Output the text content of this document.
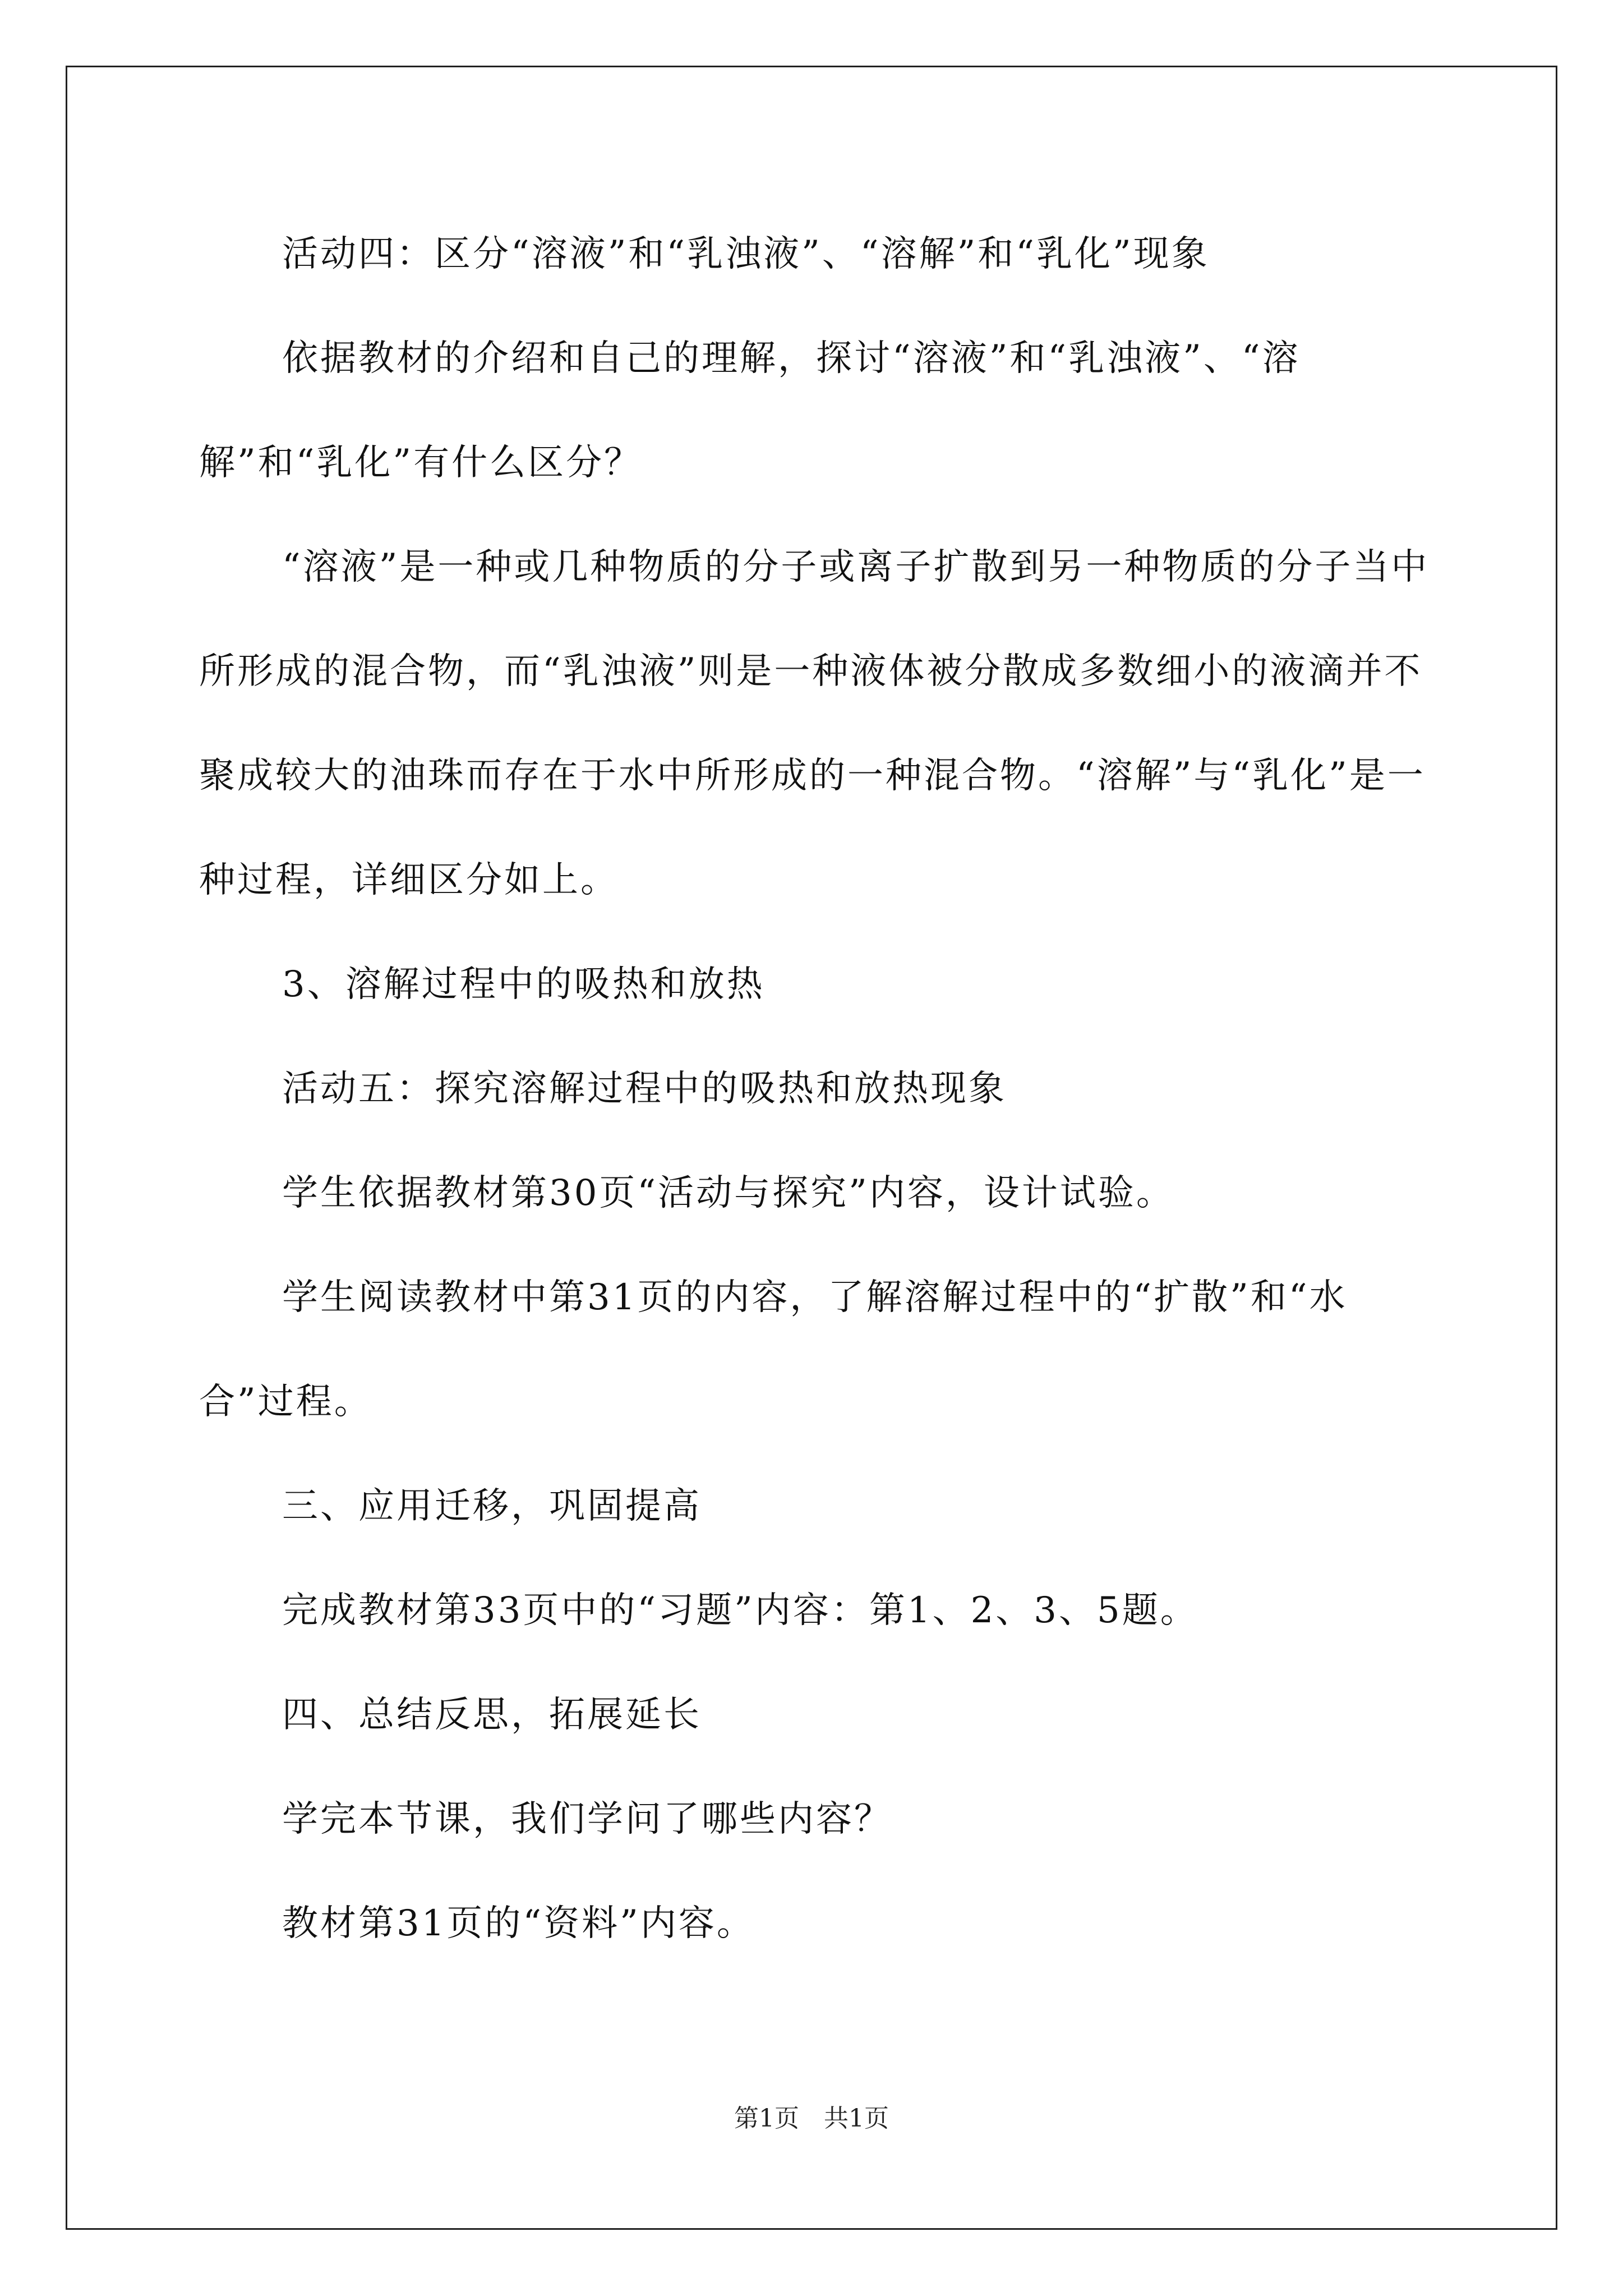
活动四：区分“溶液”和“乳浊液”、“溶解”和“乳化”现象

依据教材的介绍和自己的理解，探讨“溶液”和“乳浊液”、“溶解”和“乳化”有什么区分？

“溶液”是一种或几种物质的分子或离子扩散到另一种物质的分子当中所形成的混合物，而“乳浊液”则是一种液体被分散成多数细小的液滴并不聚成较大的油珠而存在于水中所形成的一种混合物。“溶解”与“乳化”是一种过程，详细区分如上。

3、溶解过程中的吸热和放热

活动五：探究溶解过程中的吸热和放热现象

学生依据教材第30页“活动与探究”内容，设计试验。

学生阅读教材中第31页的内容，了解溶解过程中的“扩散”和“水合”过程。

三、应用迁移，巩固提高

完成教材第33页中的“习题”内容：第1、2、3、5题。

四、总结反思，拓展延长

学完本节课，我们学问了哪些内容？

教材第31页的“资料”内容。

第1页　共1页
